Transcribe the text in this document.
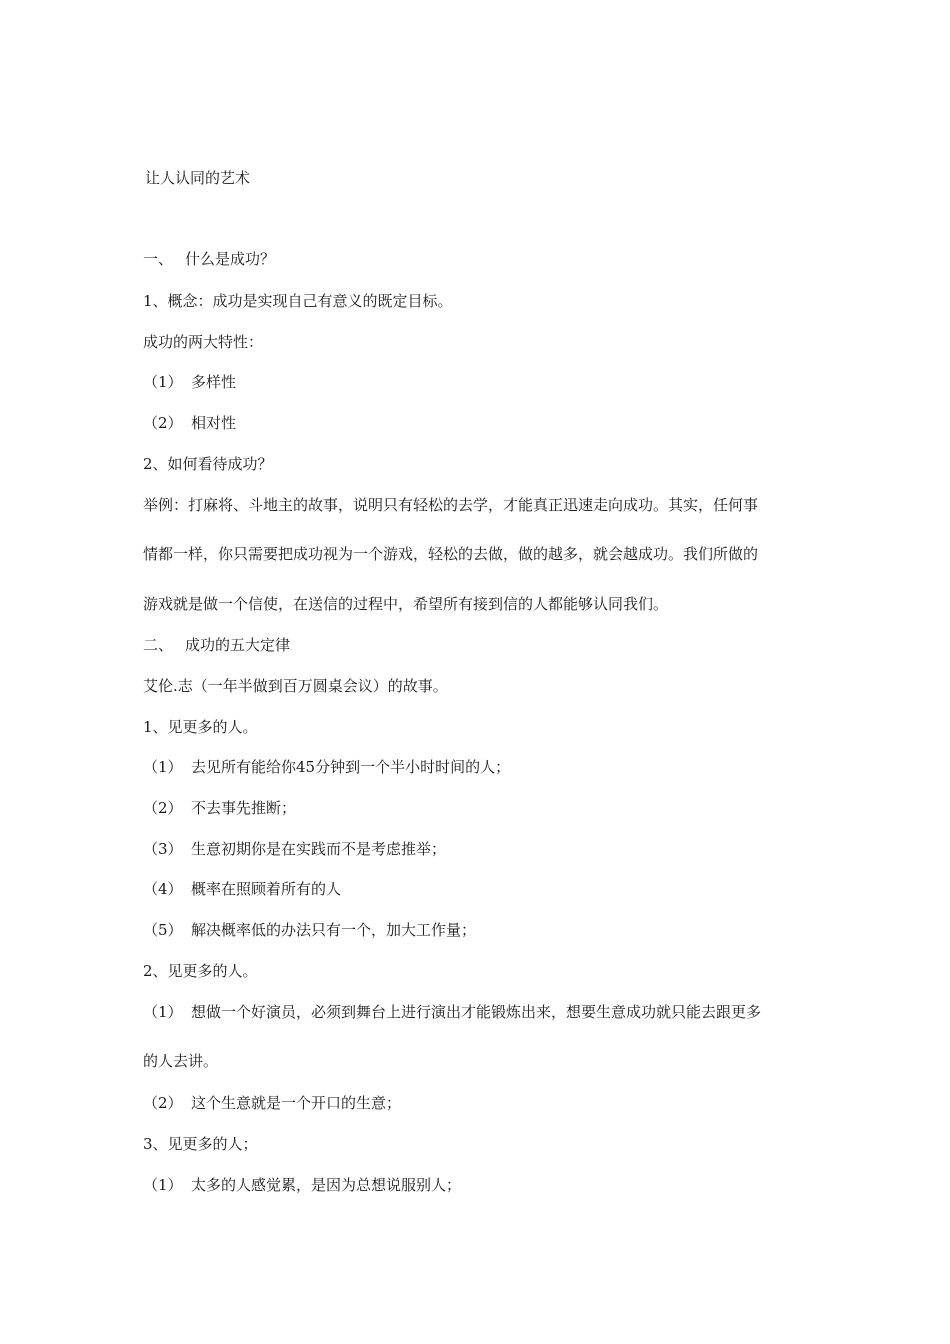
让人认同的艺术
一、 什么是成功？
1、概念：成功是实现自己有意义的既定目标。
成功的两大特性：
（1） 多样性
（2） 相对性
2、如何看待成功？
举例：打麻将、斗地主的故事，说明只有轻松的去学，才能真正迅速走向成功。其实，任何事
情都一样，你只需要把成功视为一个游戏，轻松的去做，做的越多，就会越成功。我们所做的
游戏就是做一个信使，在送信的过程中，希望所有接到信的人都能够认同我们。
二、 成功的五大定律
艾伦.志（一年半做到百万圆桌会议）的故事。
1、见更多的人。
（1） 去见所有能给你45分钟到一个半小时时间的人；
（2） 不去事先推断；
（3） 生意初期你是在实践而不是考虑推举；
（4） 概率在照顾着所有的人
（5） 解决概率低的办法只有一个，加大工作量；
2、见更多的人。
（1） 想做一个好演员，必须到舞台上进行演出才能锻炼出来，想要生意成功就只能去跟更多
的人去讲。
（2） 这个生意就是一个开口的生意；
3、见更多的人；
（1） 太多的人感觉累，是因为总想说服别人；
